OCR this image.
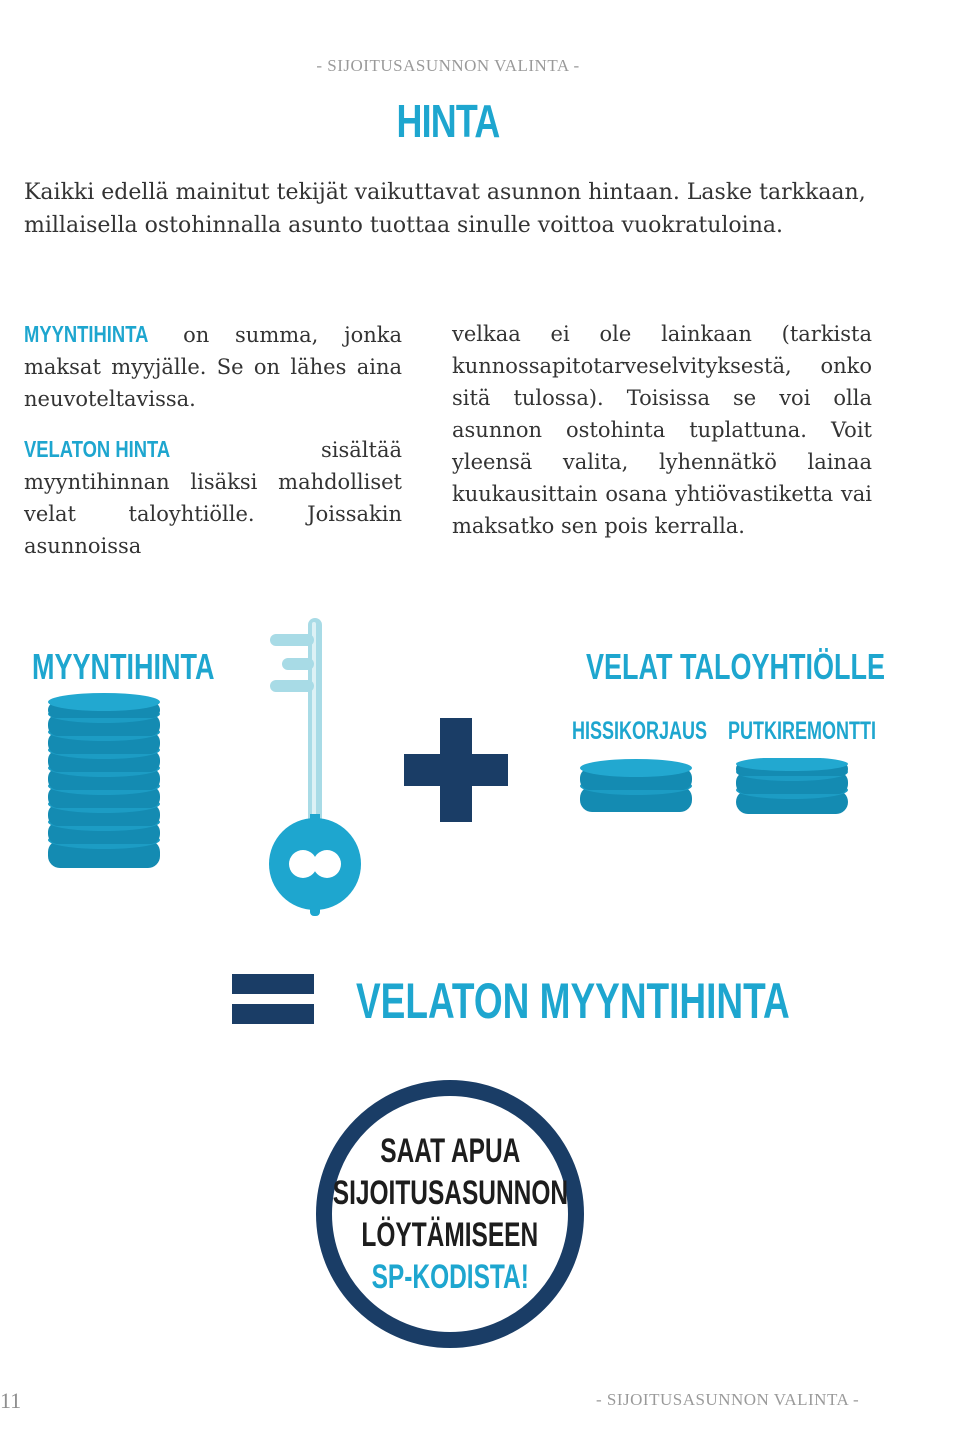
- SIJOITUSASUNNON VALINTA -
HINTA
Kaikki edellä mainitut tekijät vaikuttavat asunnon hintaan. Laske tarkkaan, millaisella ostohinnalla asunto tuottaa sinulle voittoa vuokratuloina.

MYYNTIHINTA on summa, jonka maksat myyjälle. Se on lähes aina neuvoteltavissa.

VELATON HINTA sisältää myyntihinnan lisäksi mahdolliset velat taloyhtiölle. Joissakin asunnoissa

velkaa ei ole lainkaan (tarkista kunnossapitotarveselvityksestä, onko sitä tulossa). Toisissa se voi olla asunnon ostohinta tuplattuna. Voit yleensä valita, lyhennätkö lainaa kuukausittain osana yhtiövastiketta vai maksatko sen pois kerralla.

MYYNTIHINTA	VELAT TALOYHTIÖLLE
HISSIKORJAUS PUTKIREMONTTI
VELATON MYYNTIHINTA
SAAT APUA
SIJOITUSASUNNON
LÖYTÄMISEEN
SP-KODISTA!
11	- SIJOITUSASUNNON VALINTA -
